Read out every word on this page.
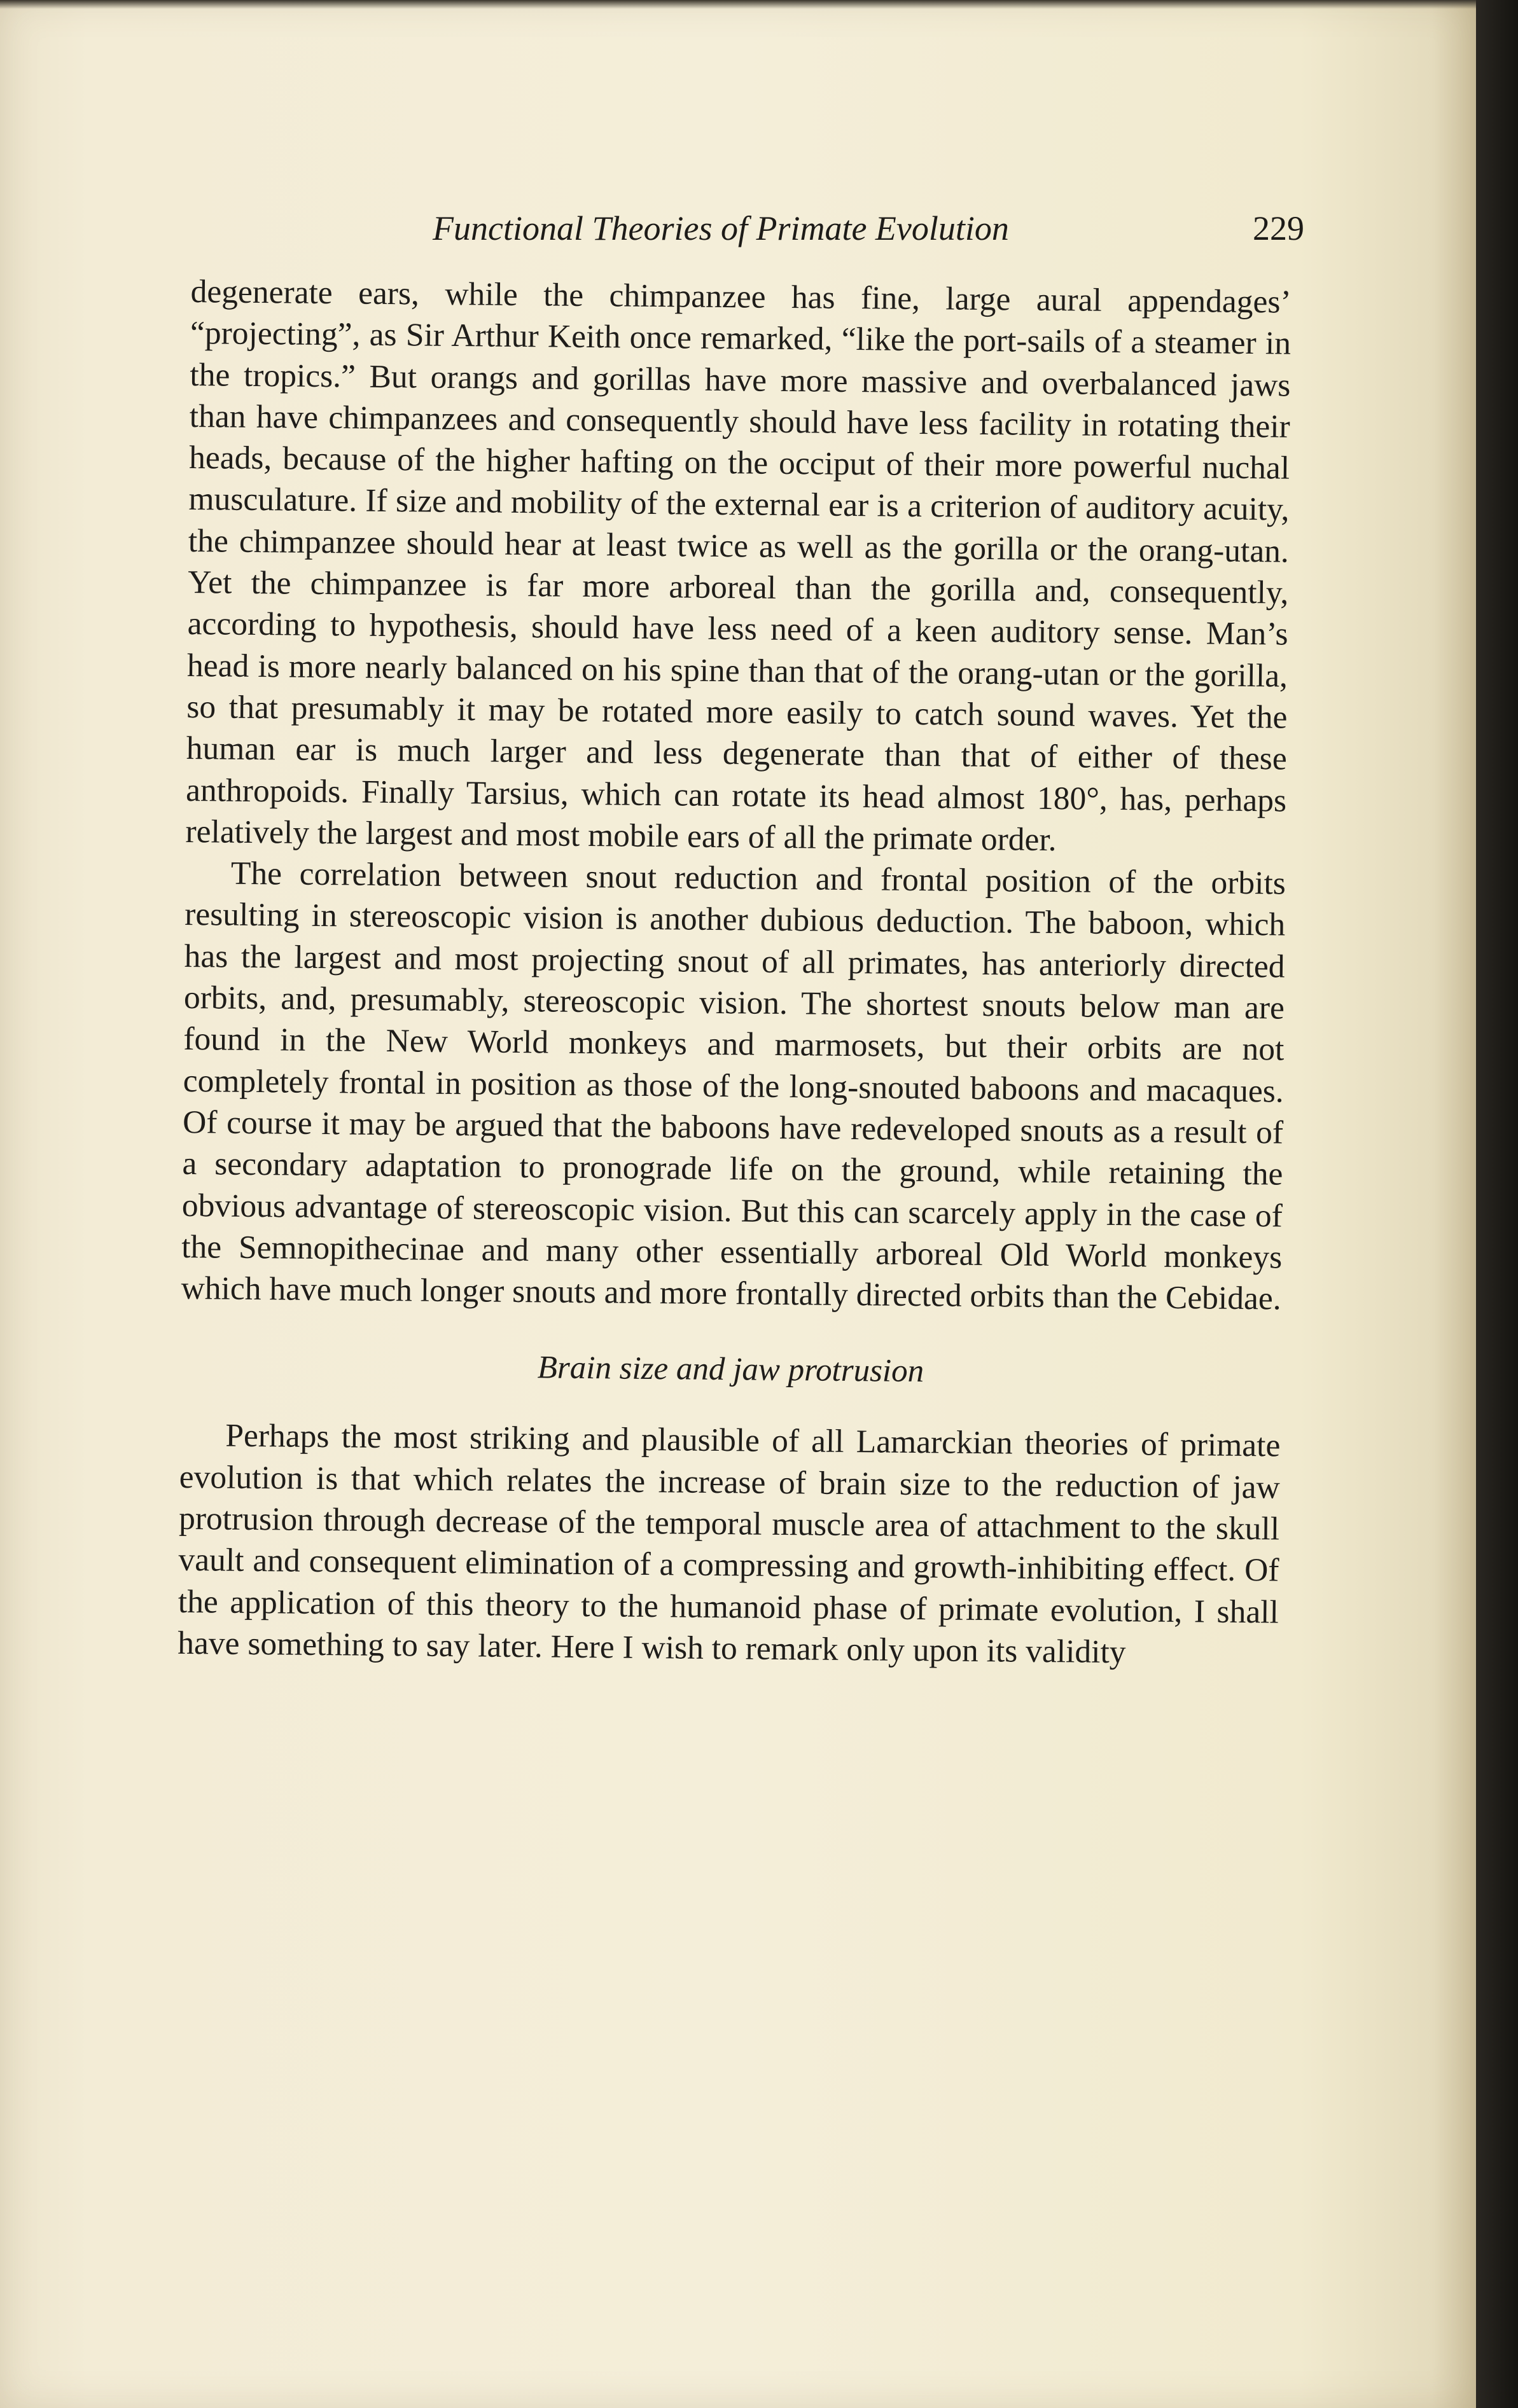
Functional Theories of Primate Evolution	229

degenerate ears, while the chimpanzee has fine, large aural appendages’ “projecting”, as Sir Arthur Keith once remarked, “like the port-sails of a steamer in the tropics.” But orangs and gorillas have more massive and overbalanced jaws than have chimpanzees and consequently should have less facility in rotating their heads, because of the higher hafting on the occiput of their more powerful nuchal musculature. If size and mobility of the external ear is a criterion of auditory acuity, the chimpanzee should hear at least twice as well as the gorilla or the orang-utan. Yet the chimpanzee is far more arboreal than the gorilla and, consequently, according to hypothesis, should have less need of a keen auditory sense. Man’s head is more nearly balanced on his spine than that of the orang-utan or the gorilla, so that presumably it may be rotated more easily to catch sound waves. Yet the human ear is much larger and less degenerate than that of either of these anthropoids. Finally Tarsius, which can rotate its head almost 180°, has, perhaps relatively the largest and most mobile ears of all the primate order.

The correlation between snout reduction and frontal position of the orbits resulting in stereoscopic vision is another dubious deduction. The baboon, which has the largest and most projecting snout of all primates, has anteriorly directed orbits, and, presumably, stereoscopic vision. The shortest snouts below man are found in the New World monkeys and marmosets, but their orbits are not completely frontal in position as those of the long-snouted baboons and macaques. Of course it may be argued that the baboons have redeveloped snouts as a result of a secondary adaptation to pronograde life on the ground, while retaining the obvious advantage of stereoscopic vision. But this can scarcely apply in the case of the Semnopithecinae and many other essentially arboreal Old World monkeys which have much longer snouts and more frontally directed orbits than the Cebidae.

Brain size and jaw protrusion

Perhaps the most striking and plausible of all Lamarckian theories of primate evolution is that which relates the increase of brain size to the reduction of jaw protrusion through decrease of the temporal muscle area of attachment to the skull vault and consequent elimination of a compressing and growth-inhibiting effect. Of the application of this theory to the humanoid phase of primate evolution, I shall have something to say later. Here I wish to remark only upon its validity
